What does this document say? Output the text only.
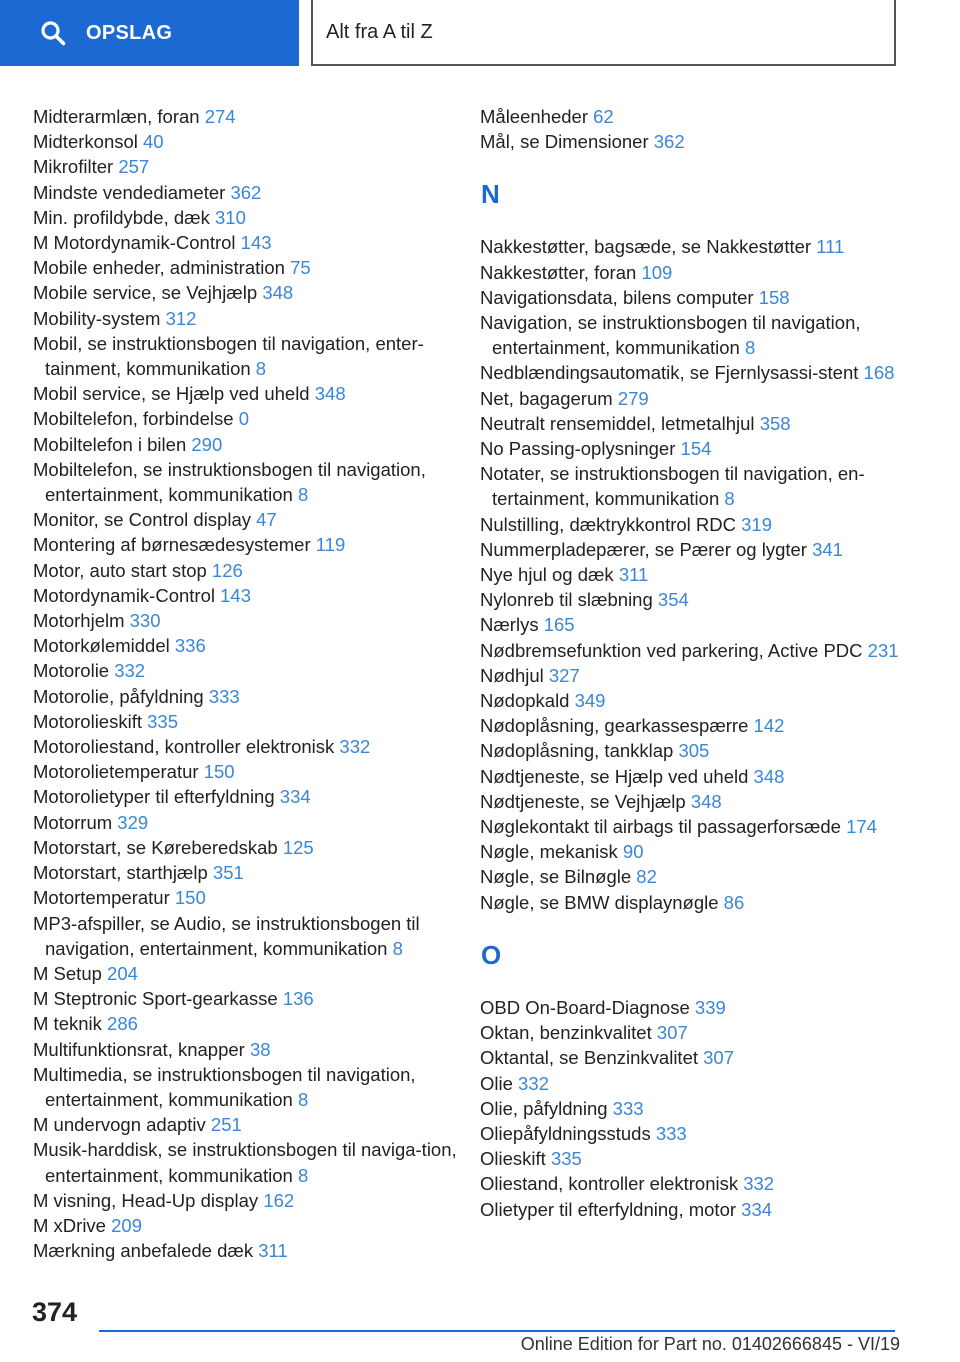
OPSLAG	Alt fra A til Z
Midterarmlæn, foran 274
Midterkonsol 40
Mikrofilter 257
Mindste vendediameter 362
Min. profildybde, dæk 310
M Motordynamik-Control 143
Mobile enheder, administration 75
Mobile service, se Vejhjælp 348
Mobility-system 312
Mobil, se instruktionsbogen til navigation, enter-tainment, kommunikation 8
Mobil service, se Hjælp ved uheld 348
Mobiltelefon, forbindelse 0
Mobiltelefon i bilen 290
Mobiltelefon, se instruktionsbogen til navigation, entertainment, kommunikation 8
Monitor, se Control display 47
Montering af børnesædesystemer 119
Motor, auto start stop 126
Motordynamik-Control 143
Motorhjelm 330
Motorkølemiddel 336
Motorolie 332
Motorolie, påfyldning 333
Motorolieskift 335
Motoroliestand, kontroller elektronisk 332
Motorolietemperatur 150
Motorolietyper til efterfyldning 334
Motorrum 329
Motorstart, se Køreberedskab 125
Motorstart, starthjælp 351
Motortemperatur 150
MP3-afspiller, se Audio, se instruktionsbogen til navigation, entertainment, kommunikation 8
M Setup 204
M Steptronic Sport-gearkasse 136
M teknik 286
Multifunktionsrat, knapper 38
Multimedia, se instruktionsbogen til navigation, entertainment, kommunikation 8
M undervogn adaptiv 251
Musik-harddisk, se instruktionsbogen til naviga-tion, entertainment, kommunikation 8
M visning, Head-Up display 162
M xDrive 209
Mærkning anbefalede dæk 311
Måleenheder 62
Mål, se Dimensioner 362
N
Nakkestøtter, bagsæde, se Nakkestøtter 111
Nakkestøtter, foran 109
Navigationsdata, bilens computer 158
Navigation, se instruktionsbogen til navigation, entertainment, kommunikation 8
Nedblændingsautomatik, se Fjernlysassi-stent 168
Net, bagagerum 279
Neutralt rensemiddel, letmetalhjul 358
No Passing-oplysninger 154
Notater, se instruktionsbogen til navigation, en-tertainment, kommunikation 8
Nulstilling, dæktrykkontrol RDC 319
Nummerpladepærer, se Pærer og lygter 341
Nye hjul og dæk 311
Nylonreb til slæbning 354
Nærlys 165
Nødbremsefunktion ved parkering, Active PDC 231
Nødhjul 327
Nødopkald 349
Nødoplåsning, gearkassespærre 142
Nødoplåsning, tankklap 305
Nødtjeneste, se Hjælp ved uheld 348
Nødtjeneste, se Vejhjælp 348
Nøglekontakt til airbags til passagerforsæde 174
Nøgle, mekanisk 90
Nøgle, se Bilnøgle 82
Nøgle, se BMW displaynøgle 86
O
OBD On-Board-Diagnose 339
Oktan, benzinkvalitet 307
Oktantal, se Benzinkvalitet 307
Olie 332
Olie, påfyldning 333
Oliepåfyldningsstuds 333
Olieskift 335
Oliestand, kontroller elektronisk 332
Olietyper til efterfyldning, motor 334
374
Online Edition for Part no. 01402666845 - VI/19
